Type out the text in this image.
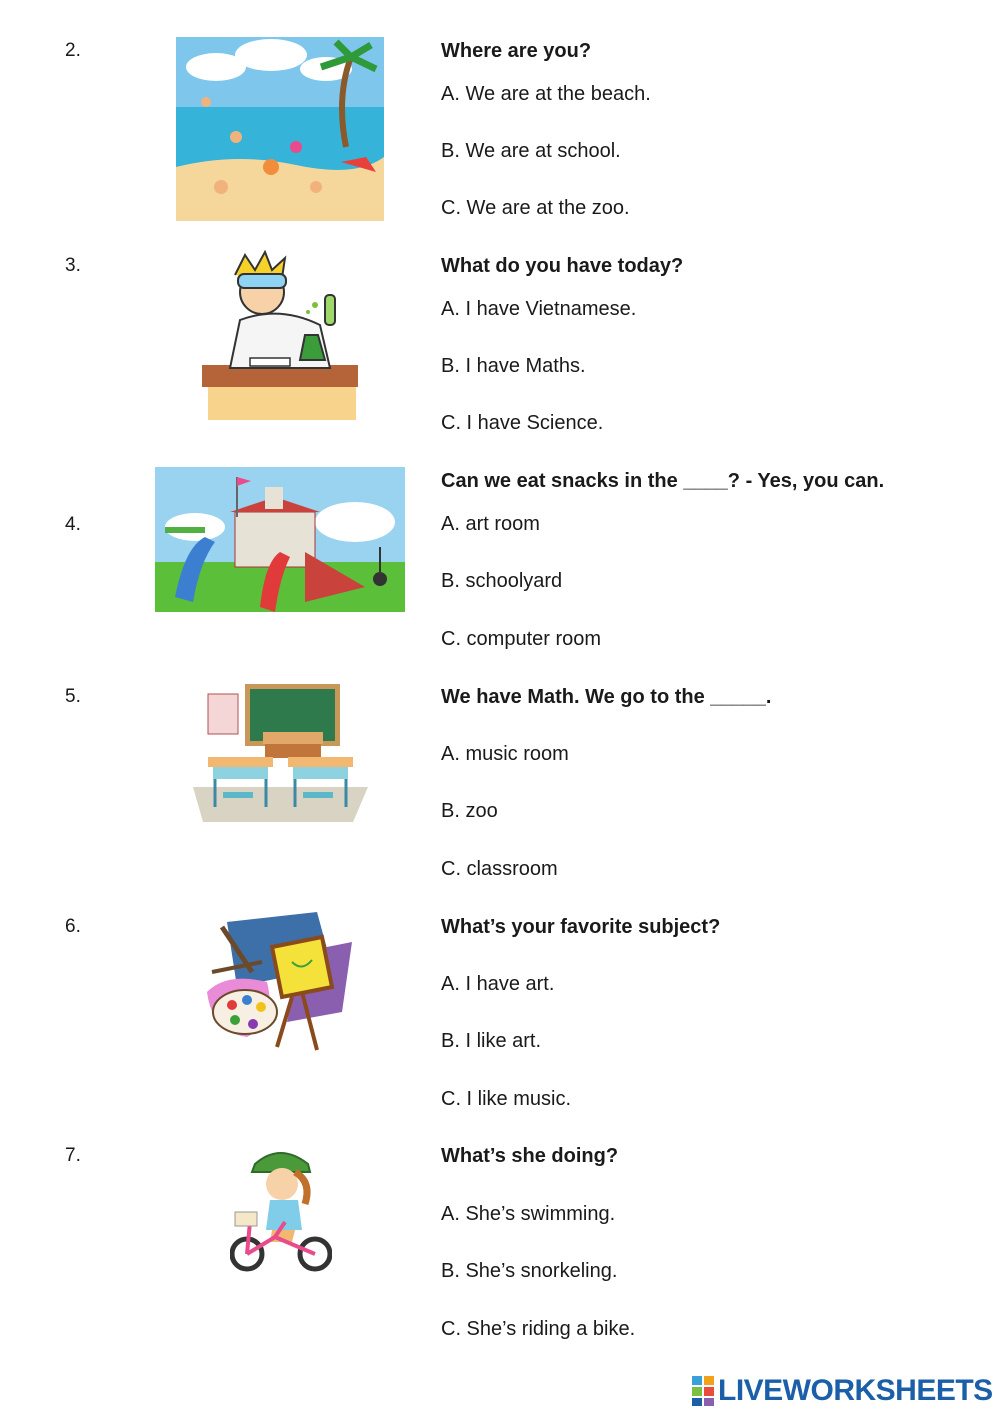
2.	Where are you?
A. We are at the beach.
B. We are at school.
C. We are at the zoo.
3.	What do you have today?
A. I have Vietnamese.
B. I have Maths.
C. I have Science.
4.
Can we eat snacks in the ____? - Yes, you can.
A. art room
B. schoolyard
C. computer room
5.	We have Math. We go to the _____.
A. music room
B. zoo
C. classroom
6.	What’s your favorite subject?
A. I have art.
B. I like art.
C. I like music.
7.	What’s she doing?
A. She’s swimming.
B. She’s snorkeling.
C. She’s riding a bike.
LIVEWORKSHEETS
